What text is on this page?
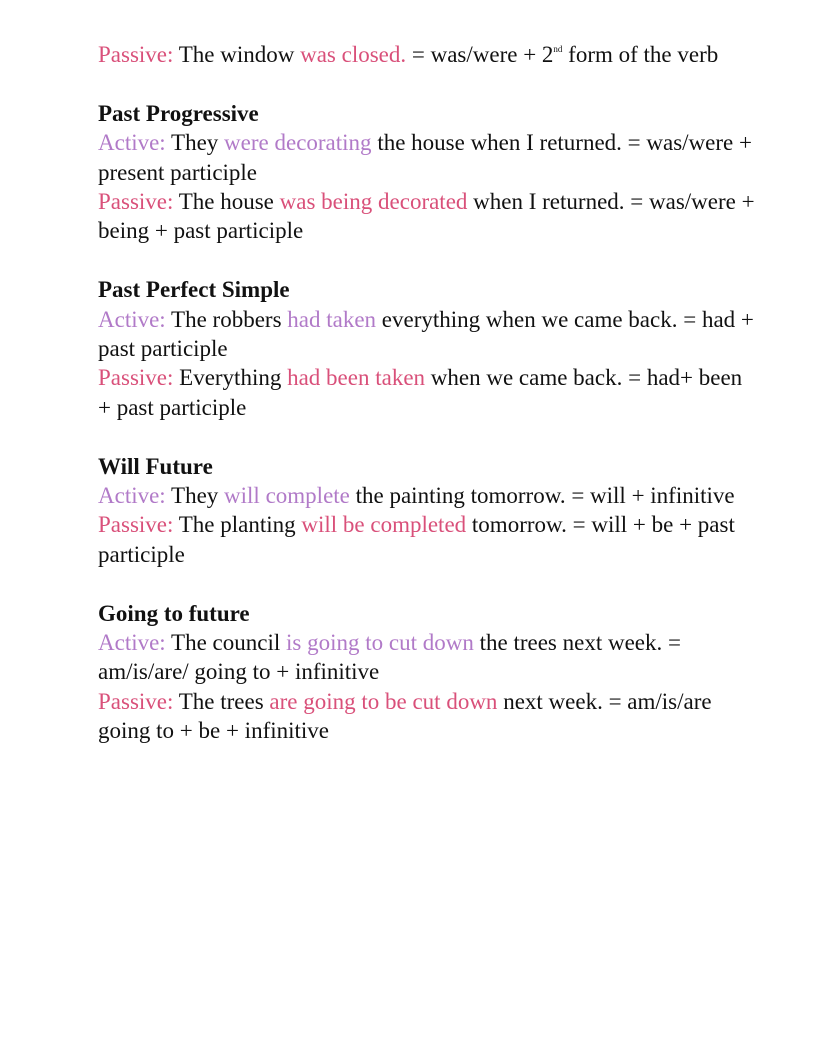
Passive: The window was closed. = was/were + 2nd form of the verb

Past Progressive

Active: They were decorating the house when I returned. = was/were + present participle

Passive: The house was being decorated when I returned. = was/were + being + past participle

Past Perfect Simple

Active: The robbers had taken everything when we came back. = had + past participle

Passive: Everything had been taken when we came back. = had+ been + past participle

Will Future

Active: They will complete the painting tomorrow. = will + infinitive

Passive: The planting will be completed tomorrow. = will + be + past participle

Going to future

Active: The council is going to cut down the trees next week. = am/is/are/ going to + infinitive

Passive: The trees are going to be cut down next week. = am/is/are going to + be + infinitive
